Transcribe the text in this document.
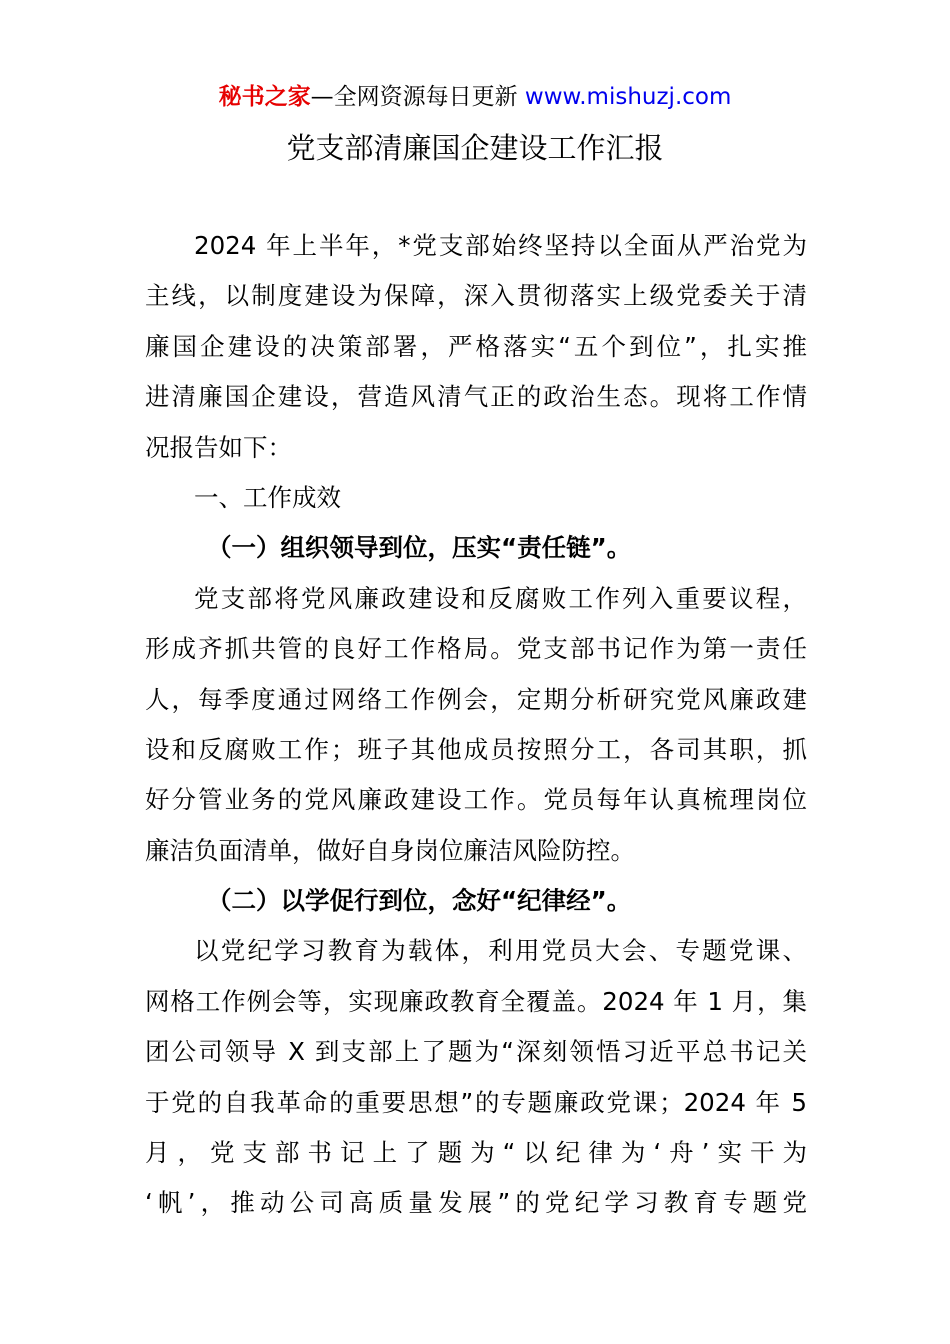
秘书之家—全网资源每日更新 www.mishuzj.com
党支部清廉国企建设工作汇报
2024 年上半年，*党支部始终坚持以全面从严治党为
主线，以制度建设为保障，深入贯彻落实上级党委关于清
廉国企建设的决策部署，严格落实“五个到位”，扎实推
进清廉国企建设，营造风清气正的政治生态。现将工作情
况报告如下：
一、工作成效
（一）组织领导到位，压实“责任链”。
党支部将党风廉政建设和反腐败工作列入重要议程，
形成齐抓共管的良好工作格局。党支部书记作为第一责任
人，每季度通过网络工作例会，定期分析研究党风廉政建
设和反腐败工作；班子其他成员按照分工，各司其职，抓
好分管业务的党风廉政建设工作。党员每年认真梳理岗位
廉洁负面清单，做好自身岗位廉洁风险防控。
（二）以学促行到位，念好“纪律经”。
以党纪学习教育为载体，利用党员大会、专题党课、
网格工作例会等，实现廉政教育全覆盖。2024 年 1 月，集
团公司领导 X 到支部上了题为“深刻领悟习近平总书记关
于党的自我革命的重要思想”的专题廉政党课；2024 年 5
月，党支部书记上了题为“以纪律为‘舟’实干为
‘帆’，推动公司高质量发展”的党纪学习教育专题党
